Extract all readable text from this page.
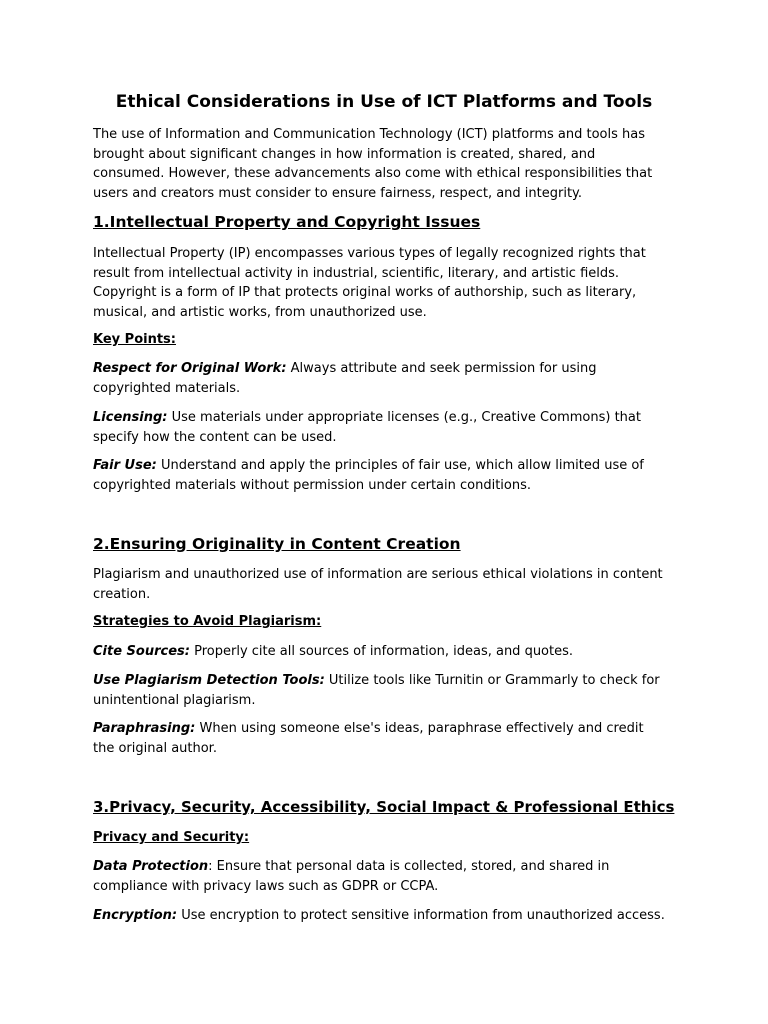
Ethical Considerations in Use of ICT Platforms and Tools

The use of Information and Communication Technology (ICT) platforms and tools has brought about significant changes in how information is created, shared, and consumed. However, these advancements also come with ethical responsibilities that users and creators must consider to ensure fairness, respect, and integrity.

1.Intellectual Property and Copyright Issues

Intellectual Property (IP) encompasses various types of legally recognized rights that result from intellectual activity in industrial, scientific, literary, and artistic fields. Copyright is a form of IP that protects original works of authorship, such as literary, musical, and artistic works, from unauthorized use.

Key Points:

Respect for Original Work: Always attribute and seek permission for using copyrighted materials.

Licensing: Use materials under appropriate licenses (e.g., Creative Commons) that specify how the content can be used.

Fair Use: Understand and apply the principles of fair use, which allow limited use of copyrighted materials without permission under certain conditions.

2.Ensuring Originality in Content Creation

Plagiarism and unauthorized use of information are serious ethical violations in content creation.

Strategies to Avoid Plagiarism:

Cite Sources: Properly cite all sources of information, ideas, and quotes.

Use Plagiarism Detection Tools: Utilize tools like Turnitin or Grammarly to check for unintentional plagiarism.

Paraphrasing: When using someone else's ideas, paraphrase effectively and credit the original author.

3.Privacy, Security, Accessibility, Social Impact & Professional Ethics

Privacy and Security:

Data Protection: Ensure that personal data is collected, stored, and shared in compliance with privacy laws such as GDPR or CCPA.

Encryption: Use encryption to protect sensitive information from unauthorized access.
